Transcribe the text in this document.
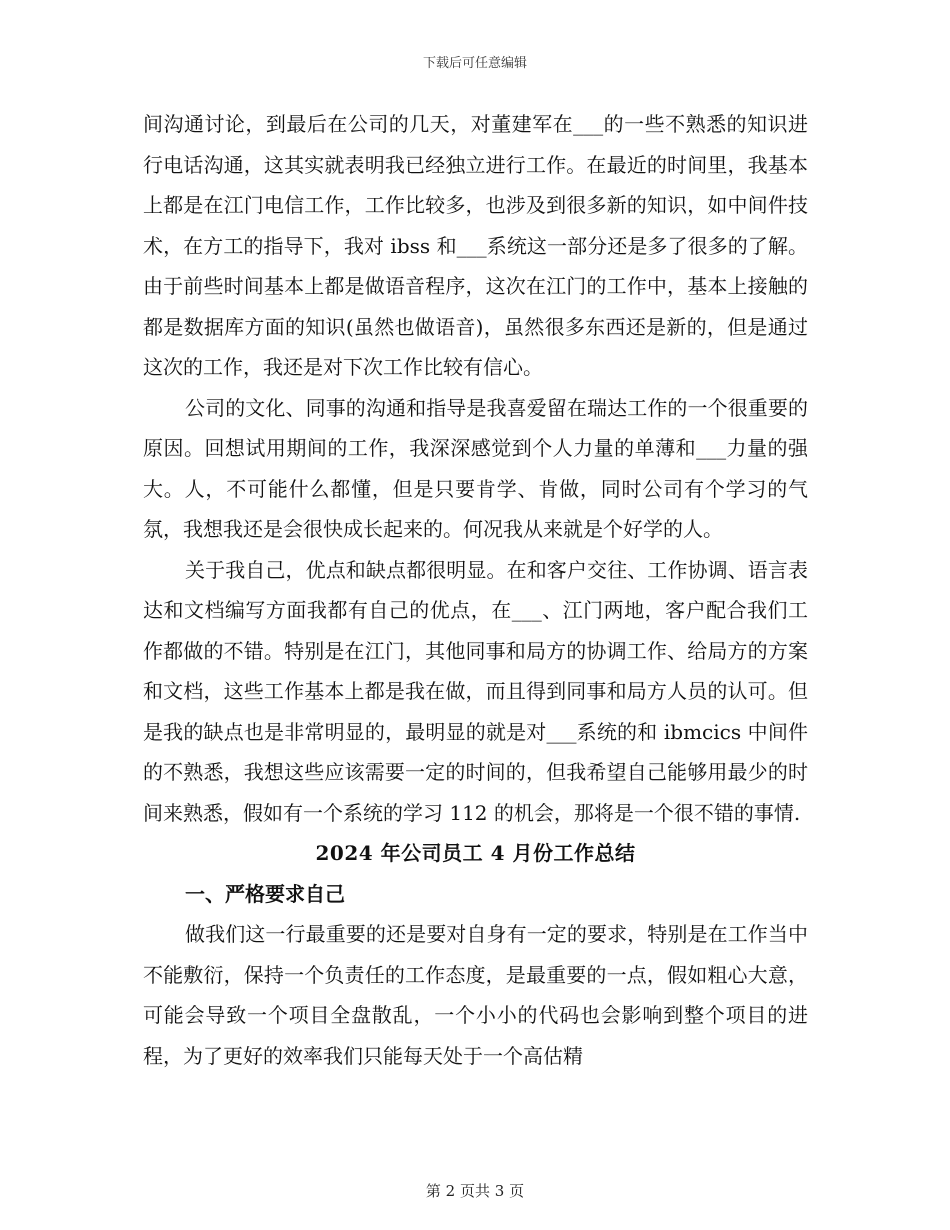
下载后可任意编辑

间沟通讨论，到最后在公司的几天，对董建军在___的一些不熟悉的知识进行电话沟通，这其实就表明我已经独立进行工作。在最近的时间里，我基本上都是在江门电信工作，工作比较多，也涉及到很多新的知识，如中间件技术，在方工的指导下，我对 ibss 和___系统这一部分还是多了很多的了解。由于前些时间基本上都是做语音程序，这次在江门的工作中，基本上接触的都是数据库方面的知识(虽然也做语音)，虽然很多东西还是新的，但是通过这次的工作，我还是对下次工作比较有信心。

公司的文化、同事的沟通和指导是我喜爱留在瑞达工作的一个很重要的原因。回想试用期间的工作，我深深感觉到个人力量的单薄和___力量的强大。人，不可能什么都懂，但是只要肯学、肯做，同时公司有个学习的气氛，我想我还是会很快成长起来的。何况我从来就是个好学的人。

关于我自己，优点和缺点都很明显。在和客户交往、工作协调、语言表达和文档编写方面我都有自己的优点，在___、江门两地，客户配合我们工作都做的不错。特别是在江门，其他同事和局方的协调工作、给局方的方案和文档，这些工作基本上都是我在做，而且得到同事和局方人员的认可。但是我的缺点也是非常明显的，最明显的就是对___系统的和 ibmcics 中间件的不熟悉，我想这些应该需要一定的时间的，但我希望自己能够用最少的时间来熟悉，假如有一个系统的学习 112 的机会，那将是一个很不错的事情.

2024 年公司员工 4 月份工作总结
一、严格要求自己

做我们这一行最重要的还是要对自身有一定的要求，特别是在工作当中不能敷衍，保持一个负责任的工作态度，是最重要的一点，假如粗心大意，可能会导致一个项目全盘散乱，一个小小的代码也会影响到整个项目的进程，为了更好的效率我们只能每天处于一个高估精

第 2 页共 3 页
